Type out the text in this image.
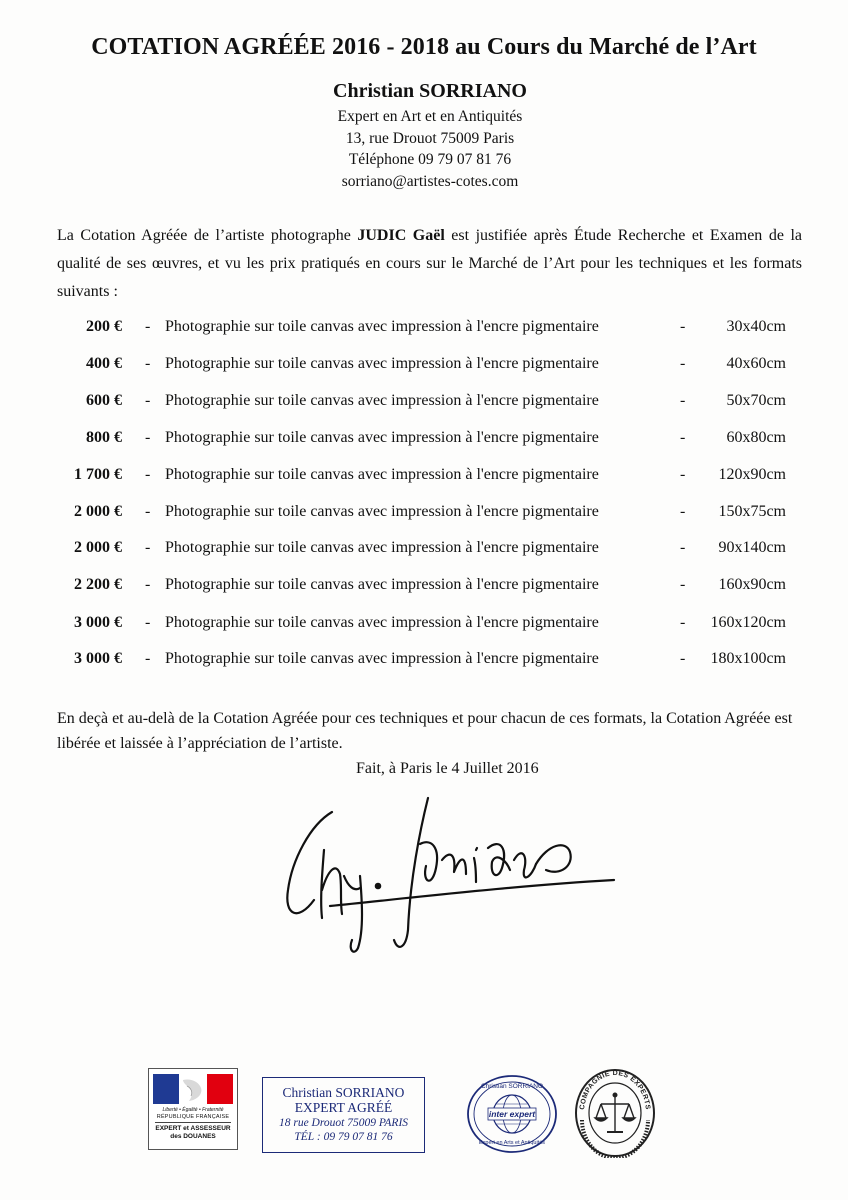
COTATION AGRÉÉE 2016 - 2018 au Cours du Marché de l’Art
Christian SORRIANO
Expert en Art et en Antiquités
13, rue Drouot 75009 Paris
Téléphone 09 79 07 81 76
sorriano@artistes-cotes.com

La Cotation Agréée de l’artiste photographe JUDIC Gaël est justifiée après Étude Recherche et Examen de la qualité de ses œuvres, et vu les prix pratiqués en cours sur le Marché de l’Art pour les techniques et les formats suivants :

200 € - Photographie sur toile canvas avec impression à l'encre pigmentaire	-	30x40cm
400 € - Photographie sur toile canvas avec impression à l'encre pigmentaire	-	40x60cm
600 € - Photographie sur toile canvas avec impression à l'encre pigmentaire	-	50x70cm
800 € - Photographie sur toile canvas avec impression à l'encre pigmentaire	-	60x80cm
1 700 € - Photographie sur toile canvas avec impression à l'encre pigmentaire	-	120x90cm
2 000 € - Photographie sur toile canvas avec impression à l'encre pigmentaire	-	150x75cm
2 000 € - Photographie sur toile canvas avec impression à l'encre pigmentaire	-	90x140cm
2 200 € - Photographie sur toile canvas avec impression à l'encre pigmentaire	-	160x90cm
3 000 € - Photographie sur toile canvas avec impression à l'encre pigmentaire	-	160x120cm
3 000 € - Photographie sur toile canvas avec impression à l'encre pigmentaire	-	180x100cm

En deçà et au-delà de la Cotation Agréée pour ces techniques et pour chacun de ces formats, la Cotation Agréée est libérée et laissée à l’appréciation de l’artiste.

Fait, à Paris le 4 Juillet 2016
Liberté • Égalité • Fraternité
RÉPUBLIQUE FRANÇAISE
EXPERT et ASSESSEUR
des DOUANES
Christian SORRIANO
EXPERT AGRÉÉ
18 rue Drouot 75009 PARIS
TÉL : 09 79 07 81 76
Christian SORRIANO
inter expert
Expert en Arts et Antiquités
COMPAGNIE DES EXPERTS
